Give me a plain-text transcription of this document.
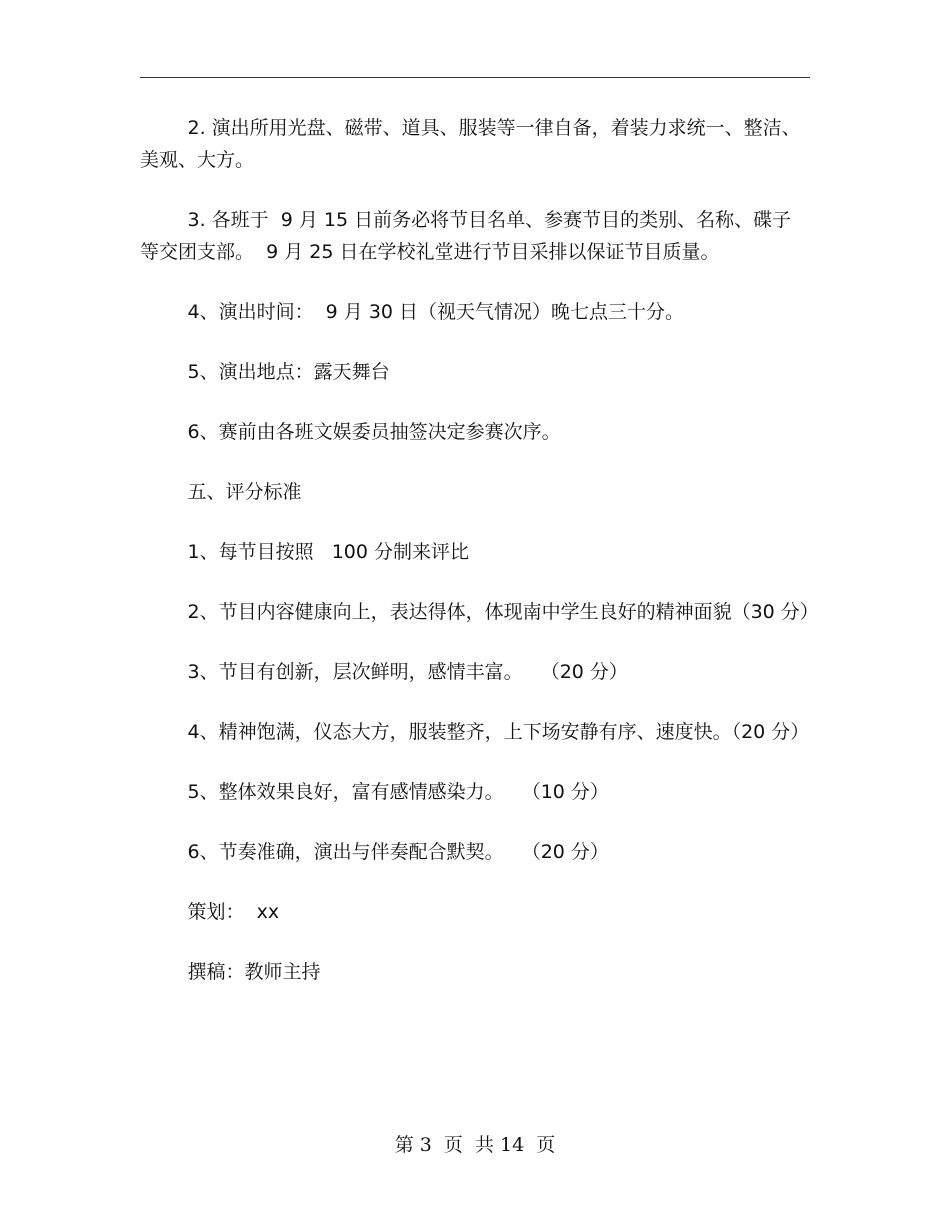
2. 演出所用光盘、磁带、道具、服装等一律自备，着装力求统一、整洁、美观、大方。

3. 各班于  9 月 15 日前务必将节目名单、参赛节目的类别、名称、碟子等交团支部。  9 月 25 日在学校礼堂进行节目采排以保证节目质量。

4、演出时间：  9 月 30 日（视天气情况）晚七点三十分。

5、演出地点：露天舞台

6、赛前由各班文娱委员抽签决定参赛次序。

五、评分标准

1、每节目按照   100 分制来评比

2、节目内容健康向上，表达得体，体现南中学生良好的精神面貌（30 分）

3、节目有创新，层次鲜明，感情丰富。   （20 分）

4、精神饱满，仪态大方，服装整齐，上下场安静有序、速度快。（20 分）

5、整体效果良好，富有感情感染力。   （10 分）

6、节奏准确，演出与伴奏配合默契。   （20 分）

策划：  xx

撰稿：教师主持

第 3  页  共 14  页
